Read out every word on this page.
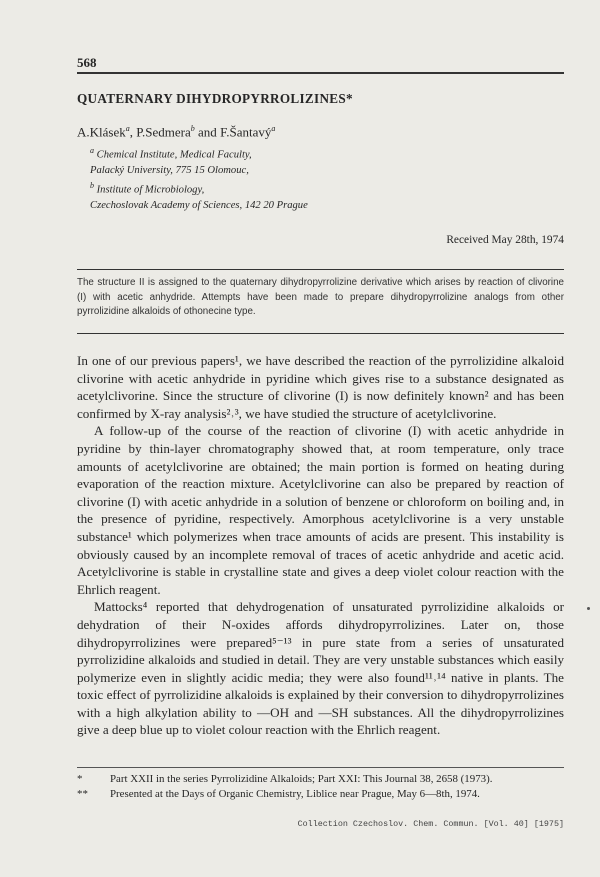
568
QUATERNARY DIHYDROPYRROLIZINES*
A.Klásek$^a$, P.Sedmera$^b$ and F.Šantavý$^a$
$^a$ Chemical Institute, Medical Faculty,
Palacký University, 775 15 Olomouc,
$^b$ Institute of Microbiology,
Czechoslovak Academy of Sciences, 142 20 Prague
Received May 28th, 1974
The structure II is assigned to the quaternary dihydropyrrolizine derivative which arises by reaction of clivorine (I) with acetic anhydride. Attempts have been made to prepare dihydropyrrolizine analogs from other pyrrolizidine alkaloids of othonecine type.

In one of our previous papers¹, we have described the reaction of the pyrrolizidine alkaloid clivorine with acetic anhydride in pyridine which gives rise to a substance designated as acetylclivorine. Since the structure of clivorine (I) is now definitely known² and has been confirmed by X-ray analysis²˒³, we have studied the structure of acetylclivorine.

A follow-up of the course of the reaction of clivorine (I) with acetic anhydride in pyridine by thin-layer chromatography showed that, at room temperature, only trace amounts of acetylclivorine are obtained; the main portion is formed on heating during evaporation of the reaction mixture. Acetylclivorine can also be prepared by reaction of clivorine (I) with acetic anhydride in a solution of benzene or chloroform on boiling and, in the presence of pyridine, respectively. Amorphous acetylclivorine is a very unstable substance¹ which polymerizes when trace amounts of acids are present. This instability is obviously caused by an incomplete removal of traces of acetic anhydride and acetic acid. Acetylclivorine is stable in crystalline state and gives a deep violet colour reaction with the Ehrlich reagent.

Mattocks⁴ reported that dehydrogenation of unsaturated pyrrolizidine alkaloids or dehydration of their N-oxides affords dihydropyrrolizines. Later on, those dihydropyrrolizines were prepared⁵⁻¹³ in pure state from a series of unsaturated pyrrolizidine alkaloids and studied in detail. They are very unstable substances which easily polymerize even in slightly acidic media; they were also found¹¹˒¹⁴ native in plants. The toxic effect of pyrrolizidine alkaloids is explained by their conversion to dihydropyrrolizines with a high alkylation ability to —OH and —SH substances. All the dihydropyrrolizines give a deep blue up to violet colour reaction with the Ehrlich reagent.

*	Part XXII in the series Pyrrolizidine Alkaloids; Part XXI: This Journal 38, 2658 (1973).
**	Presented at the Days of Organic Chemistry, Liblice near Prague, May 6—8th, 1974.
Collection Czechoslov. Chem. Commun. [Vol. 40] [1975]
